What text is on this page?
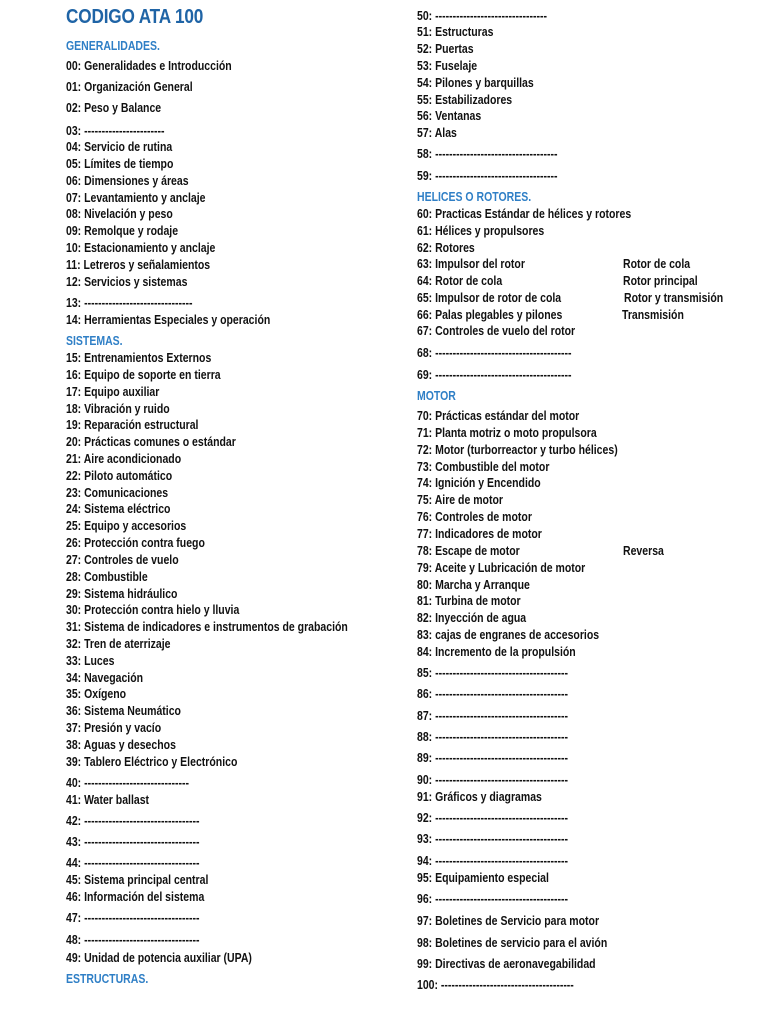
CODIGO ATA 100
GENERALIDADES.
00: Generalidades e Introducción
01: Organización General
02: Peso y Balance
03: -----------------------
04: Servicio de rutina
05: Límites de tiempo
06: Dimensiones y áreas
07: Levantamiento y anclaje
08: Nivelación y peso
09: Remolque y rodaje
10: Estacionamiento y anclaje
11: Letreros y señalamientos
12: Servicios y sistemas
13: -------------------------------
14: Herramientas Especiales y operación
SISTEMAS.
15: Entrenamientos Externos
16: Equipo de soporte en tierra
17: Equipo auxiliar
18: Vibración y ruido
19: Reparación estructural
20: Prácticas comunes o estándar
21: Aire acondicionado
22: Piloto automático
23: Comunicaciones
24: Sistema eléctrico
25: Equipo y accesorios
26: Protección contra fuego
27: Controles de vuelo
28: Combustible
29: Sistema hidráulico
30: Protección contra hielo y lluvia
31: Sistema de indicadores e instrumentos de grabación
32: Tren de aterrizaje
33: Luces
34: Navegación
35: Oxígeno
36: Sistema Neumático
37: Presión y vacío
38: Aguas y desechos
39: Tablero Eléctrico y Electrónico
40: ------------------------------
41: Water ballast
42: ---------------------------------
43: ---------------------------------
44: ---------------------------------
45: Sistema principal central
46: Información del sistema
47: ---------------------------------
48: ---------------------------------
49: Unidad de potencia auxiliar (UPA)
ESTRUCTURAS.
50: --------------------------------
51: Estructuras
52: Puertas
53: Fuselaje
54: Pilones y barquillas
55: Estabilizadores
56: Ventanas
57: Alas
58: -----------------------------------
59: -----------------------------------
HELICES O ROTORES.
60: Practicas Estándar de hélices y rotores
61: Hélices y propulsores
62: Rotores
63: Impulsor del rotor
64: Rotor de cola
65: Impulsor de rotor de cola
66: Palas plegables y pilones
67: Controles de vuelo del rotor
68: ---------------------------------------
69: ---------------------------------------
Rotor de cola
Rotor principal
Rotor y transmisión
Transmisión
MOTOR
70: Prácticas estándar del motor
71: Planta motriz o moto propulsora
72: Motor (turborreactor y turbo hélices)
73: Combustible del motor
74: Ignición y Encendido
75: Aire de motor
76: Controles de motor
77: Indicadores de motor
78: Escape de motor
79: Aceite y Lubricación de motor
80: Marcha y Arranque
81: Turbina de motor
82: Inyección de agua
83: cajas de engranes de accesorios
84: Incremento de la propulsión
85: --------------------------------------
86: --------------------------------------
87: --------------------------------------
88: --------------------------------------
89: --------------------------------------
90: --------------------------------------
91: Gráficos y diagramas
92: --------------------------------------
93: --------------------------------------
94: --------------------------------------
95: Equipamiento especial
96: --------------------------------------
97: Boletines de Servicio para motor
98: Boletines de servicio para el avión
99: Directivas de aeronavegabilidad
100: --------------------------------------
Reversa
